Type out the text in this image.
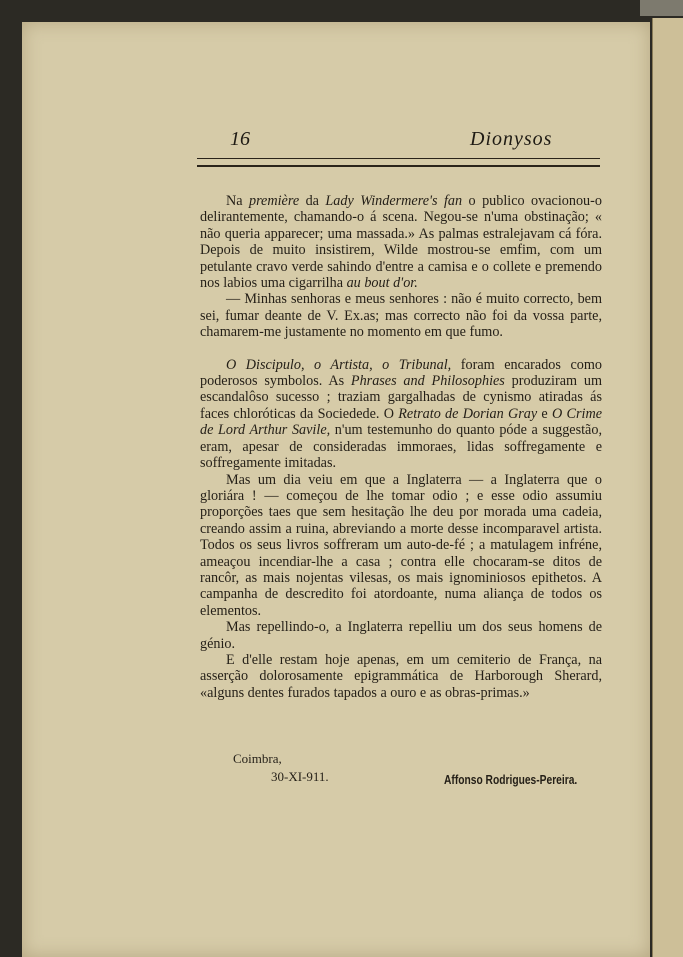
16	Dionysos

Na première da Lady Windermere's fan o publico ovacionou-o delirantemente, chamando-o á scena. Negou-se n'uma obstinação; « não queria apparecer; uma massada.» As palmas estralejavam cá fóra. Depois de muito insistirem, Wilde mostrou-se emfim, com um petulante cravo verde sahindo d'entre a camisa e o collete e premendo nos labios uma cigarrilha au bout d'or.

— Minhas senhoras e meus senhores : não é muito correcto, bem sei, fumar deante de V. Ex.as; mas correcto não foi da vossa parte, chamarem-me justamente no momento em que fumo.

O Discipulo, o Artista, o Tribunal, foram encarados como poderosos symbolos. As Phrases and Philosophies produziram um escandalôso sucesso ; traziam gargalhadas de cynismo atiradas ás faces chloróticas da Sociedede. O Retrato de Dorian Gray e O Crime de Lord Arthur Savile, n'um testemunho do quanto póde a suggestão, eram, apesar de consideradas immoraes, lidas soffregamente e soffregamente imitadas.

Mas um dia veiu em que a Inglaterra — a Inglaterra que o gloriára ! — começou de lhe tomar odio ; e esse odio assumiu proporções taes que sem hesitação lhe deu por morada uma cadeia, creando assim a ruina, abreviando a morte desse incomparavel artista. Todos os seus livros soffreram um auto-de-fé ; a matulagem infréne, ameaçou incendiar-lhe a casa ; contra elle chocaram-se ditos de rancôr, as mais nojentas vilesas, os mais ignominiosos epithetos. A campanha de descredito foi atordoante, numa aliança de todos os elementos.

Mas repellindo-o, a Inglaterra repelliu um dos seus homens de génio.

E d'elle restam hoje apenas, em um cemiterio de França, na asserção dolorosamente epigrammática de Harborough Sherard, «alguns dentes furados tapados a ouro e as obras-primas.»

Coimbra,
30-XI-911.	Affonso Rodrigues-Pereira.
